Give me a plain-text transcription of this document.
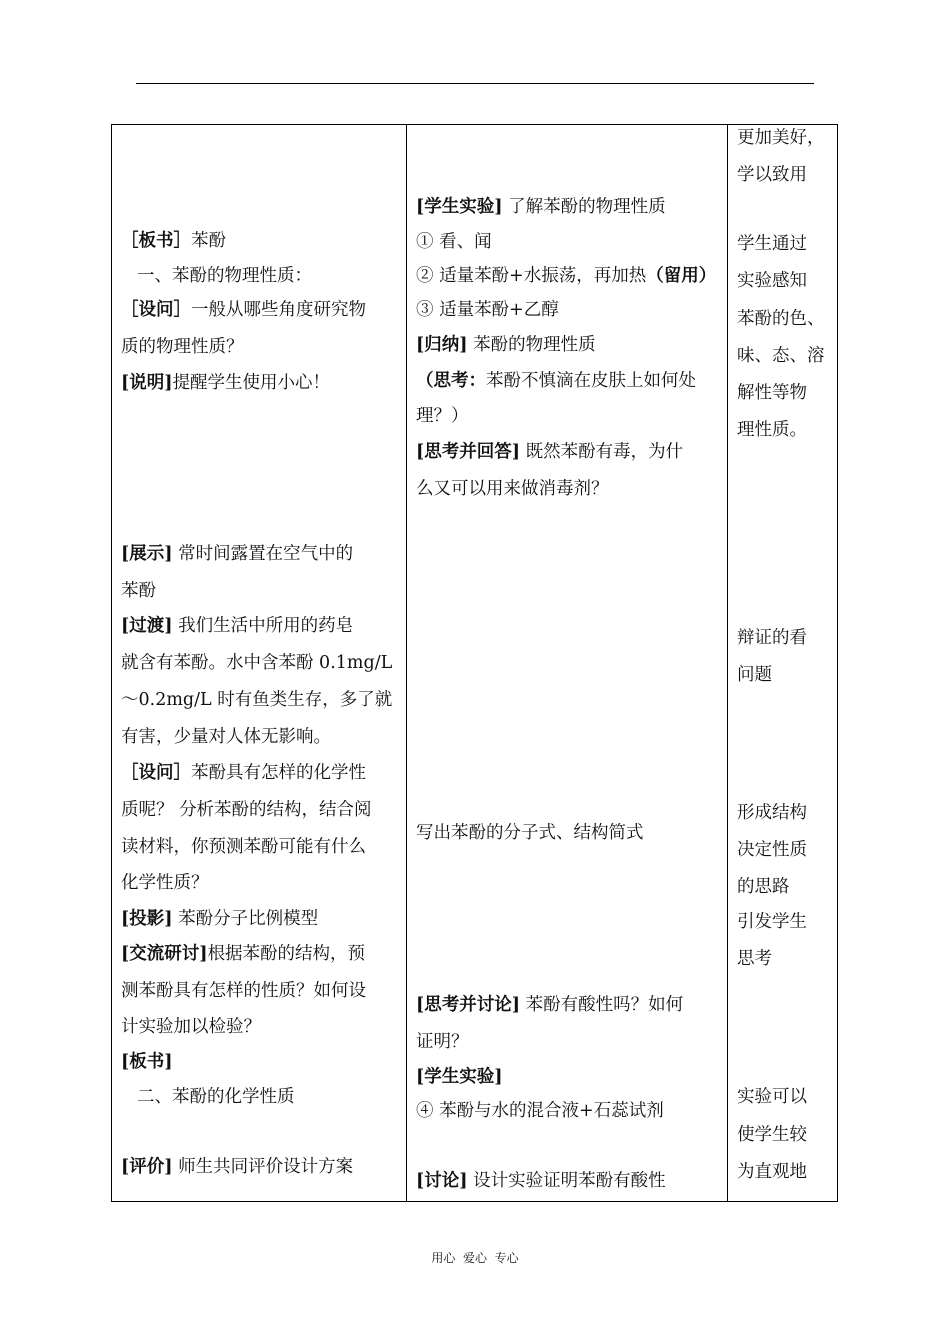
［板书］苯酚
一、苯酚的物理性质：
［设问］一般从哪些角度研究物
质的物理性质？
[说明]提醒学生使用小心！
[展示] 常时间露置在空气中的
苯酚
[过渡] 我们生活中所用的药皂
就含有苯酚。水中含苯酚 0.1mg/L
～0.2mg/L 时有鱼类生存，多了就
有害，少量对人体无影响。
［设问］苯酚具有怎样的化学性
质呢？ 分析苯酚的结构，结合阅
读材料，你预测苯酚可能有什么
化学性质？
[投影] 苯酚分子比例模型
[交流研讨]根据苯酚的结构，预
测苯酚具有怎样的性质？如何设
计实验加以检验？
[板书]
二、苯酚的化学性质
[评价] 师生共同评价设计方案
[学生实验] 了解苯酚的物理性质
① 看、闻
② 适量苯酚+水振荡，再加热（留用）
③ 适量苯酚+乙醇
[归纳] 苯酚的物理性质
（思考：苯酚不慎滴在皮肤上如何处
理？）
[思考并回答] 既然苯酚有毒，为什
么又可以用来做消毒剂？
写出苯酚的分子式、结构简式
[思考并讨论] 苯酚有酸性吗？如何
证明？
[学生实验]
④ 苯酚与水的混合液+石蕊试剂
[讨论] 设计实验证明苯酚有酸性
更加美好，
学以致用
学生通过
实验感知
苯酚的色、
味、态、溶
解性等物
理性质。
辩证的看
问题
形成结构
决定性质
的思路
引发学生
思考
实验可以
使学生较
为直观地
用心  爱心  专心
